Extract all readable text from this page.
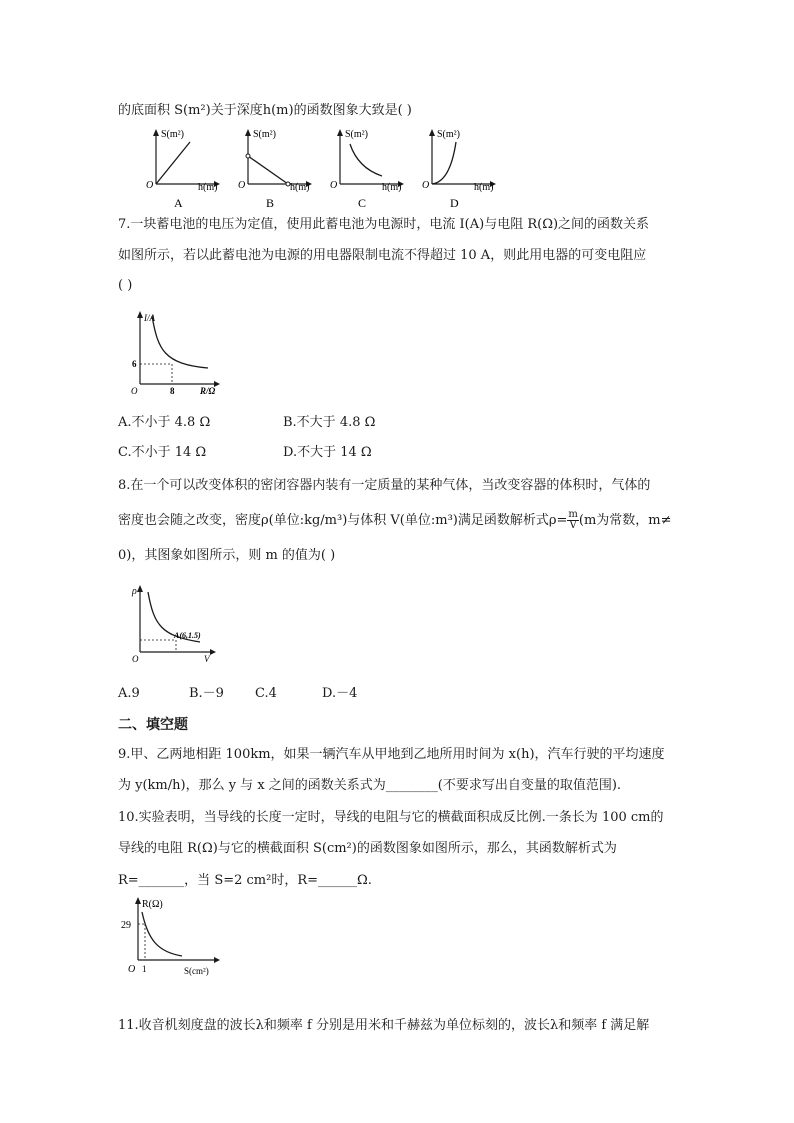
的底面积 S(m²)关于深度h(m)的函数图象大致是( )
S(m²)
h(m)
O
A
S(m²)
h(m)
O
B
S(m²)
h(m)
O
C
S(m²)
h(m)
O
D
7.一块蓄电池的电压为定值，使用此蓄电池为电源时，电流 I(A)与电阻 R(Ω)之间的函数关系
如图所示，若以此蓄电池为电源的用电器限制电流不得超过 10 A，则此用电器的可变电阻应
( )
I/A
R/Ω
O
6
8
A.不小于 4.8 Ω	B.不大于 4.8 Ω
C.不小于 14 Ω	D.不大于 14 Ω
8.在一个可以改变体积的密闭容器内装有一定质量的某种气体，当改变容器的体积时，气体的
密度也会随之改变，密度ρ(单位:kg/m³)与体积 V(单位:m³)满足函数解析式$\rho= \frac{m}{V} (m$为常数，m≠
0)，其图象如图所示，则 m 的值为( )
ρ
V
O
A(6,1.5)
A.9	B.－9 C.4	D.－4
二、填空题
9.甲、乙两地相距 100km，如果一辆汽车从甲地到乙地所用时间为 x(h)，汽车行驶的平均速度
为 y(km/h)，那么 y 与 x 之间的函数关系式为________(不要求写出自变量的取值范围).
10.实验表明，当导线的长度一定时，导线的电阻与它的横截面积成反比例.一条长为 100 cm的
导线的电阻 R(Ω)与它的横截面积 S(cm²)的函数图象如图所示，那么，其函数解析式为
R=_______，当 S=2 cm²时，R=______Ω.
R(Ω)
S(cm²)
O
29
1
11.收音机刻度盘的波长λ和频率 f 分别是用米和千赫兹为单位标刻的，波长λ和频率 f 满足解
